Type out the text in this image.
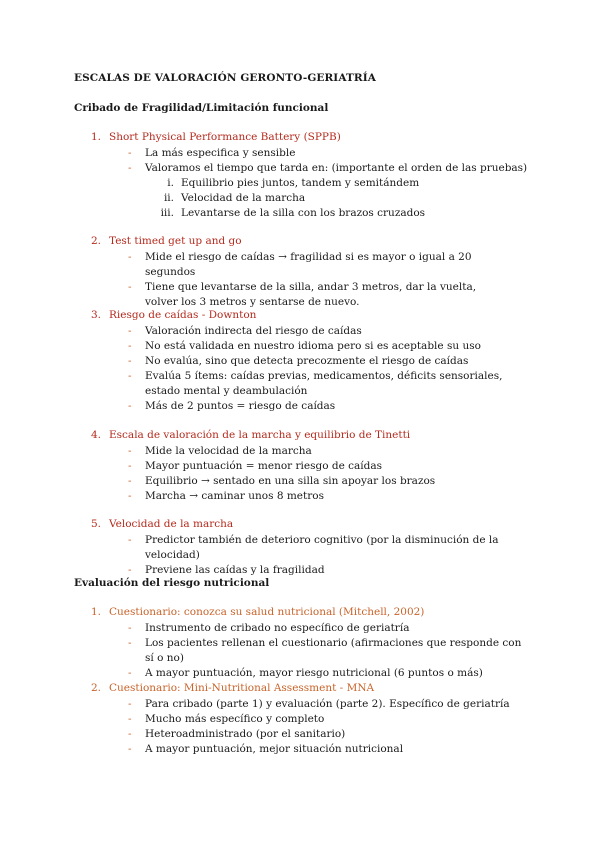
ESCALAS DE VALORACIÓN GERONTO-GERIATRÍA
Cribado de Fragilidad/Limitación funcional
1. Short Physical Performance Battery (SPPB)
- La más especifica y sensible
- Valoramos el tiempo que tarda en: (importante el orden de las pruebas)
i. Equilibrio pies juntos, tandem y semitándem
ii. Velocidad de la marcha
iii. Levantarse de la silla con los brazos cruzados
2. Test timed get up and go
- Mide el riesgo de caídas → fragilidad si es mayor o igual a 20 segundos
- Tiene que levantarse de la silla, andar 3 metros, dar la vuelta, volver los 3 metros y sentarse de nuevo.
3. Riesgo de caídas - Downton
- Valoración indirecta del riesgo de caídas
- No está validada en nuestro idioma pero si es aceptable su uso
- No evalúa, sino que detecta precozmente el riesgo de caídas
- Evalúa 5 ítems: caídas previas, medicamentos, déficits sensoriales, estado mental y deambulación
- Más de 2 puntos = riesgo de caídas
4. Escala de valoración de la marcha y equilibrio de Tinetti
- Mide la velocidad de la marcha
- Mayor puntuación = menor riesgo de caídas
- Equilibrio → sentado en una silla sin apoyar los brazos
- Marcha → caminar unos 8 metros
5. Velocidad de la marcha
- Predictor también de deterioro cognitivo (por la disminución de la velocidad)
- Previene las caídas y la fragilidad
Evaluación del riesgo nutricional
1. Cuestionario: conozca su salud nutricional (Mitchell, 2002)
- Instrumento de cribado no específico de geriatría
- Los pacientes rellenan el cuestionario (afirmaciones que responde con sí o no)
- A mayor puntuación, mayor riesgo nutricional (6 puntos o más)
2. Cuestionario: Mini-Nutritional Assessment - MNA
- Para cribado (parte 1) y evaluación (parte 2). Específico de geriatría
- Mucho más específico y completo
- Heteroadministrado (por el sanitario)
- A mayor puntuación, mejor situación nutricional
